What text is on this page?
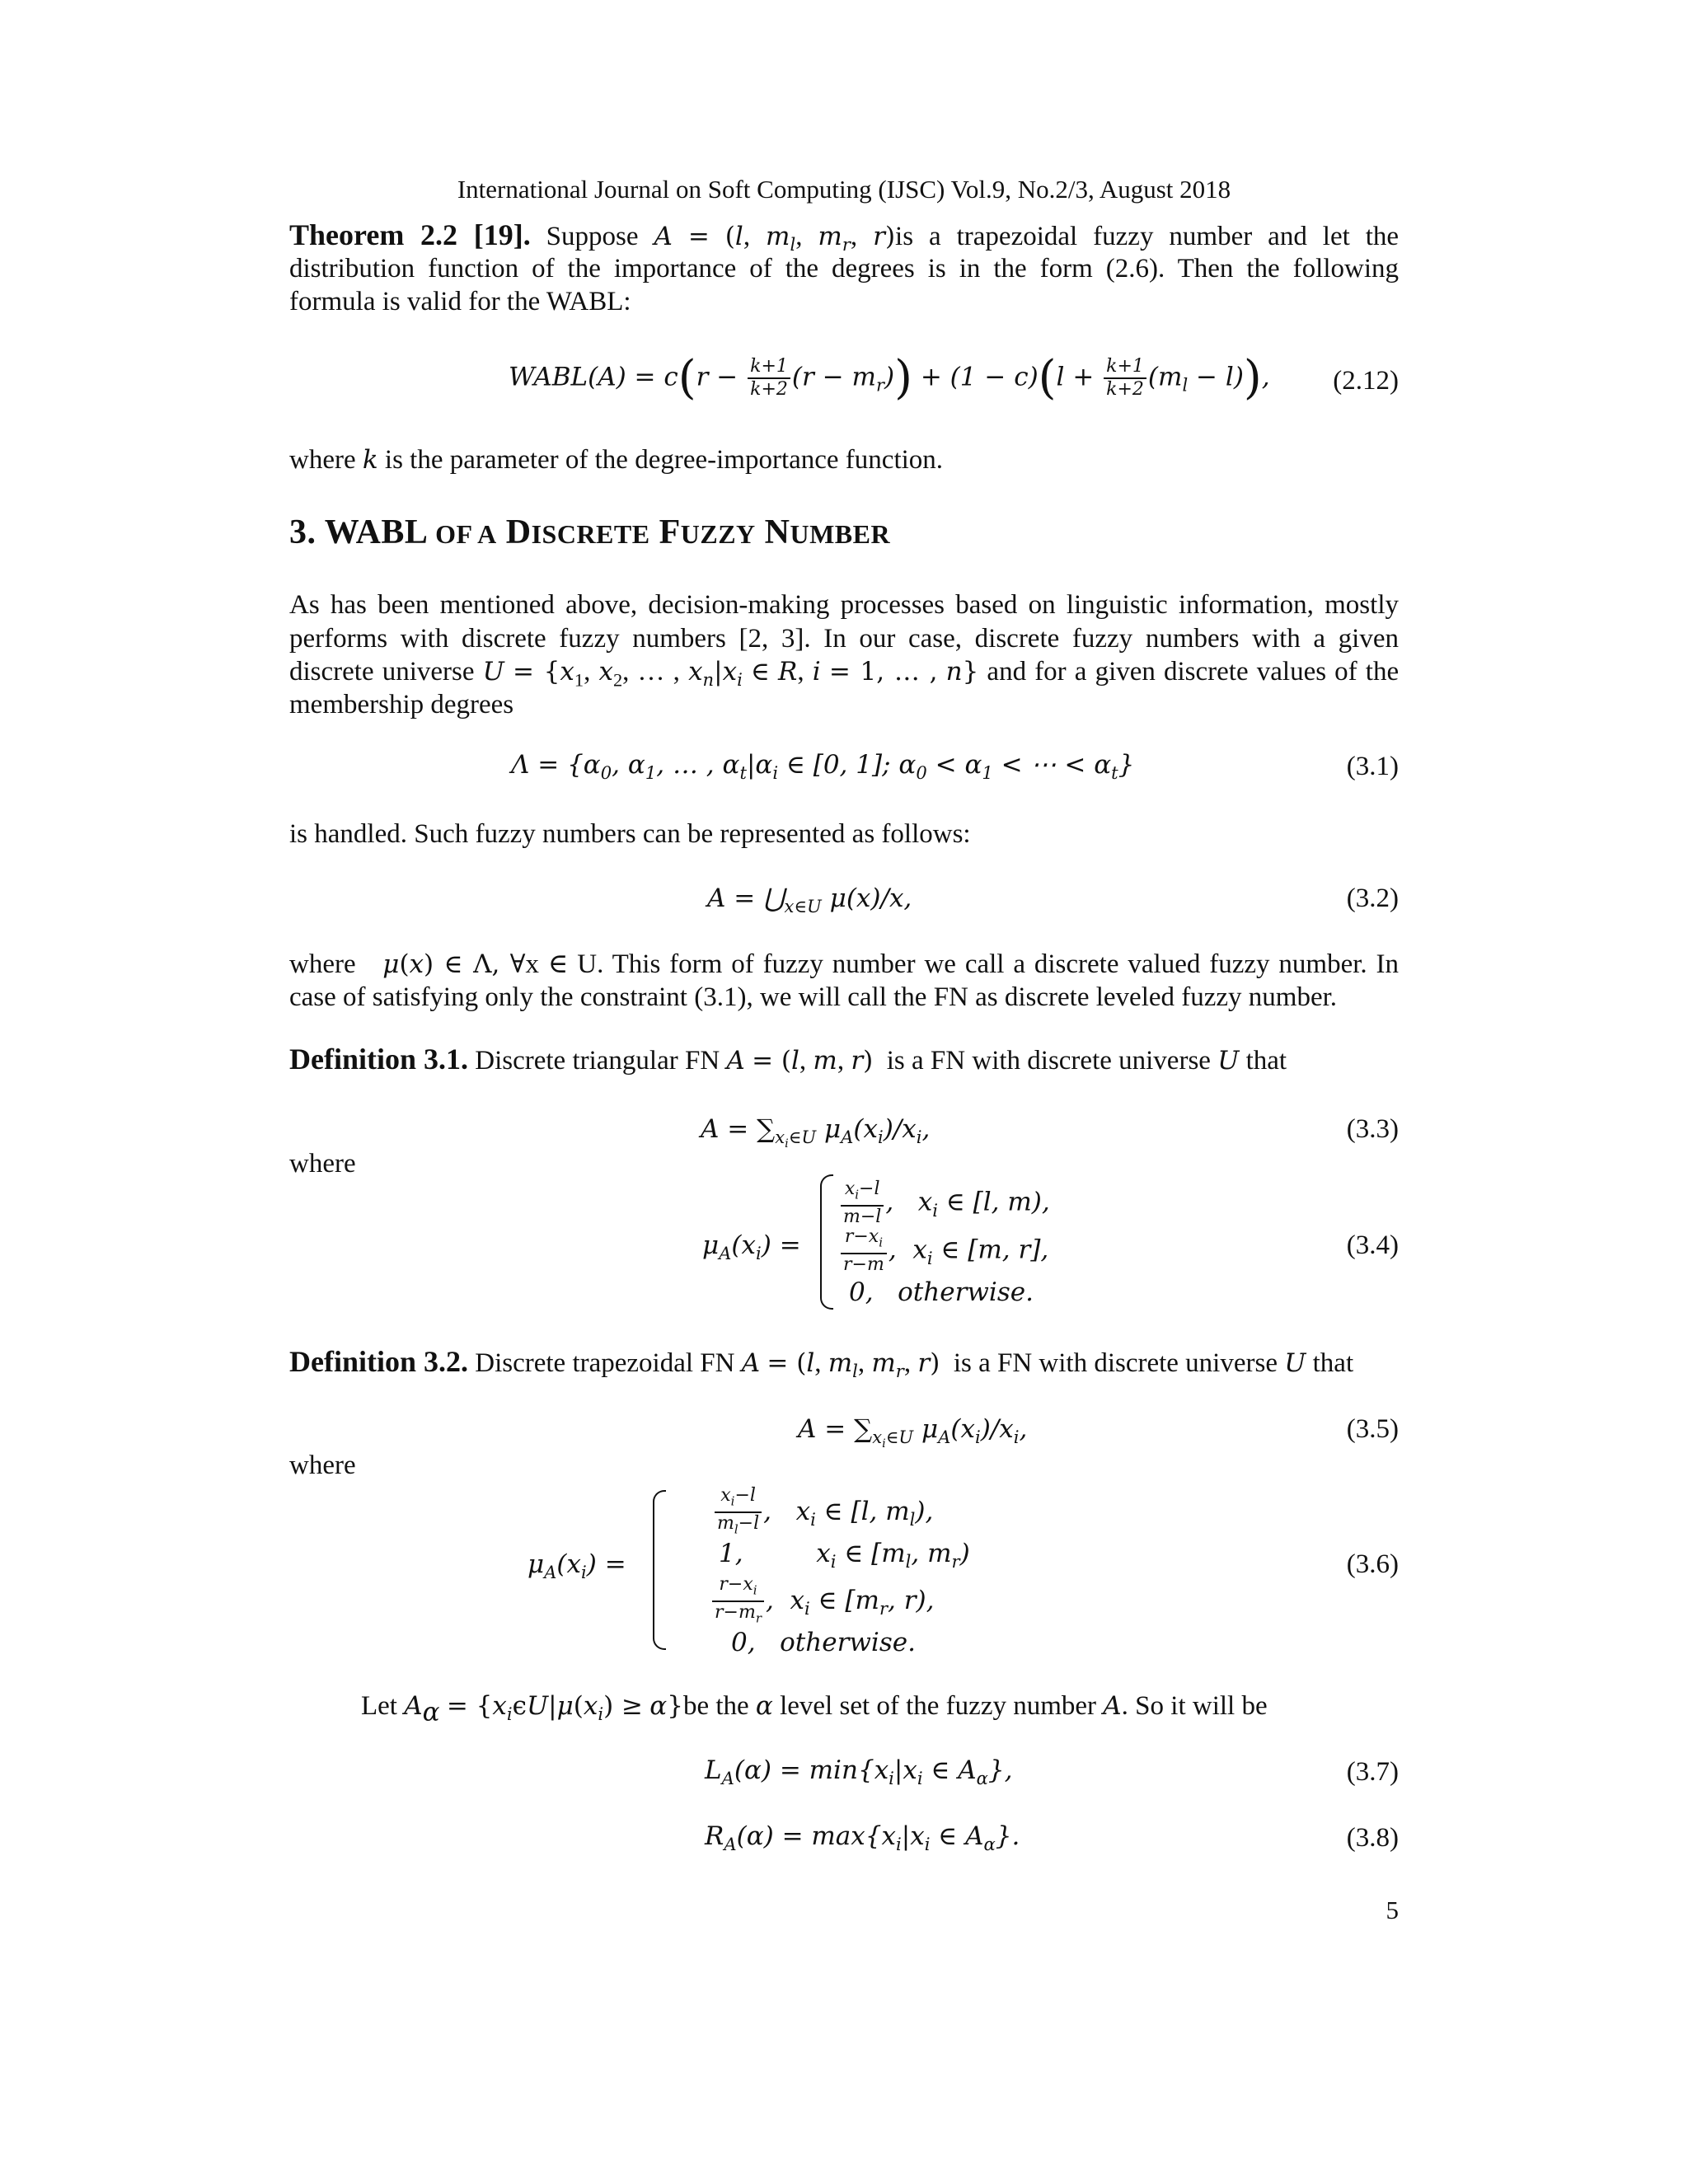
International Journal on Soft Computing (IJSC) Vol.9, No.2/3, August 2018
Theorem 2.2 [19]. Suppose A = (l, $m_l$, $m_r$, r)is a trapezoidal fuzzy number and let the
distribution function of the importance of the degrees is in the form (2.6). Then the following
formula is valid for the WABL:
WABL(A) = $c(r - \frac{k+1}{k+2} (r - m_r)) + (1 - c)(l + \frac{k+1}{k+2} (m_l - l))$, (2.12)
where k is the parameter of the degree-importance function.
3. WABL OF A DISCRETE FUZZY NUMBER
As has been mentioned above, decision-making processes based on linguistic information, mostly
performs with discrete fuzzy numbers [2, 3]. In our case, discrete fuzzy numbers with a given
discrete universe $U = \{x_1$, $x_2$, … , $x_n|x_i$ ∈ R, i = 1, … , n} and for a given discrete values of the
membership degrees
$\Lambda = \{\alpha_0$, $\alpha_1$, … , $\alpha_t|\alpha_i$ ∈ [0, 1]; $\alpha_0 < \alpha_1$ < ⋯ < $\alpha_t$}	(3.1)
is handled. Such fuzzy numbers can be represented as follows:
$A = ⋃_{x\in U}$ μ(x)/x,	(3.2)
where   μ(x) ∈ Λ, ∀x ∈ U. This form of fuzzy number we call a discrete valued fuzzy number. In
case of satisfying only the constraint (3.1), we will call the FN as discrete leveled fuzzy number.
Definition 3.1. Discrete triangular FN A = (l, m, r)  is a FN with discrete universe U that
$A = \sum_{x_i\in U}$ $\mu_A(x_i)/x_i$,	(3.3)
where
$\mu_A(x_i)$ =
$\frac{x_i-l}{m-l}$ ,   $x_i$ ∈ [l, m),
$\frac{r-x_i}{r-m}$ ,  $x_i$ ∈ [m, r],
0,   otherwise.
(3.4)
Definition 3.2. Discrete trapezoidal FN A = (l, $m_l$, $m_r$, r)  is a FN with discrete universe U that
$A = \sum_{x_i\in U}$ $\mu_A(x_i)/x_i$,	(3.5)
where
$\mu_A(x_i)$ =
$\frac{x_i-l}{m_l-l}$ ,   $x_i$ ∈ [l, $m_l$),
1,         $x_i$ ∈ [$m_l$, $m_r$)
$\frac{r-x_i}{r-m_r}$ ,  $x_i$ ∈ [$m_r$, r),
0,   otherwise.
(3.6)
Let $A_\alpha = \{x_i\epsilon U|\mu(x_i) \ge \alpha\}be$ the α level set of the fuzzy number A. So it will be
$L_A(\alpha) = \min\{x_i|x_i$ ∈ $A_\alpha$},	(3.7)
$R_A(\alpha) = \max\{x_i|x_i$ ∈ $A_\alpha$}.	(3.8)
5
